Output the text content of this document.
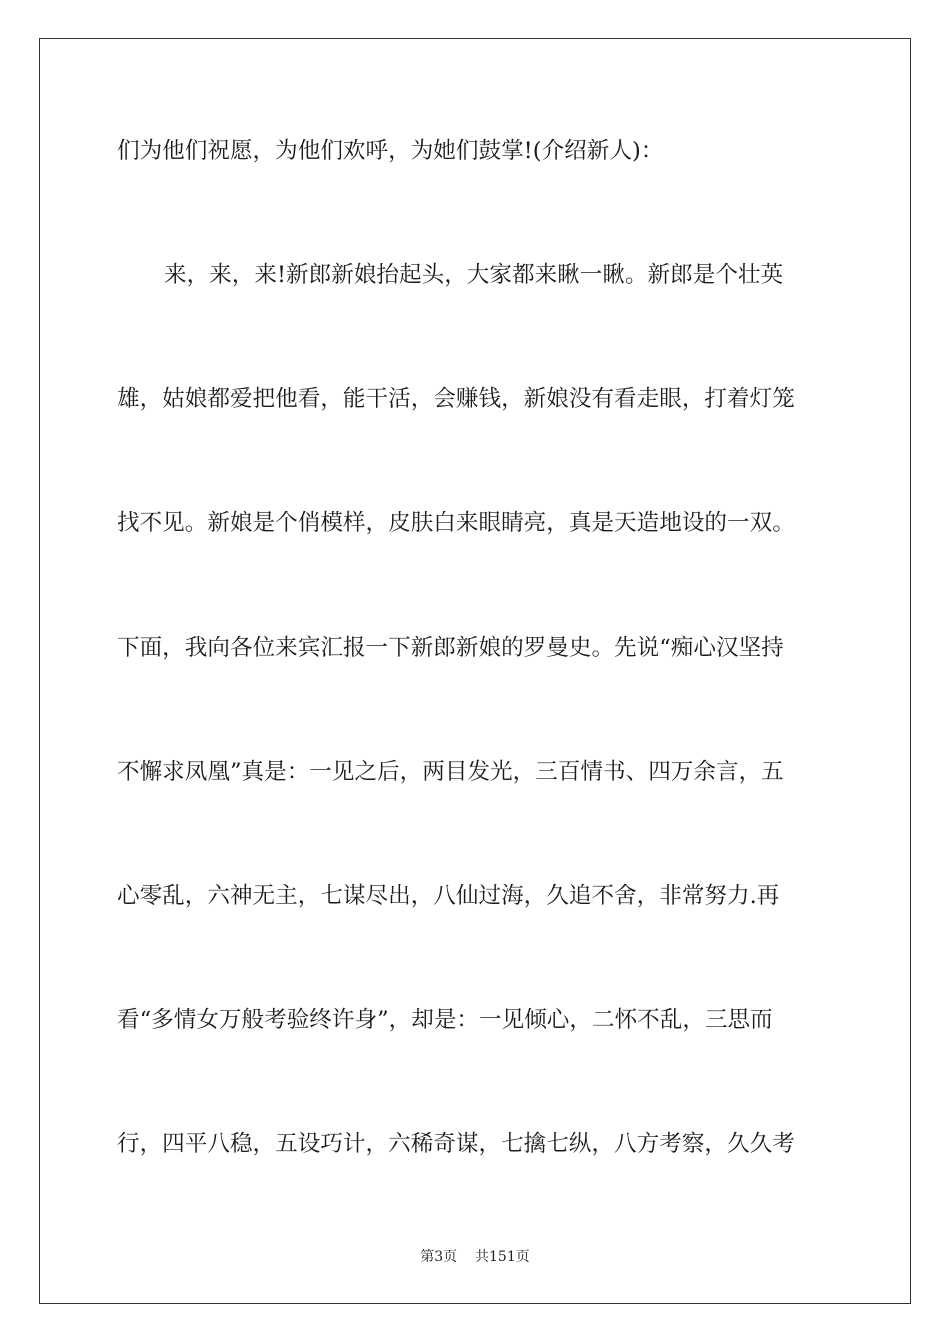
们为他们祝愿，为他们欢呼，为她们鼓掌!(介绍新人)：
来，来，来!新郎新娘抬起头，大家都来瞅一瞅。新郎是个壮英
雄，姑娘都爱把他看，能干活，会赚钱，新娘没有看走眼，打着灯笼
找不见。新娘是个俏模样，皮肤白来眼睛亮，真是天造地设的一双。
下面，我向各位来宾汇报一下新郎新娘的罗曼史。先说“痴心汉坚持
不懈求凤凰”真是：一见之后，两目发光，三百情书、四万余言，五
心零乱，六神无主，七谋尽出，八仙过海，久追不舍，非常努力.再
看“多情女万般考验终许身”，却是：一见倾心，二怀不乱，三思而
行，四平八稳，五设巧计，六稀奇谋，七擒七纵，八方考察，久久考
第3页 共151页
